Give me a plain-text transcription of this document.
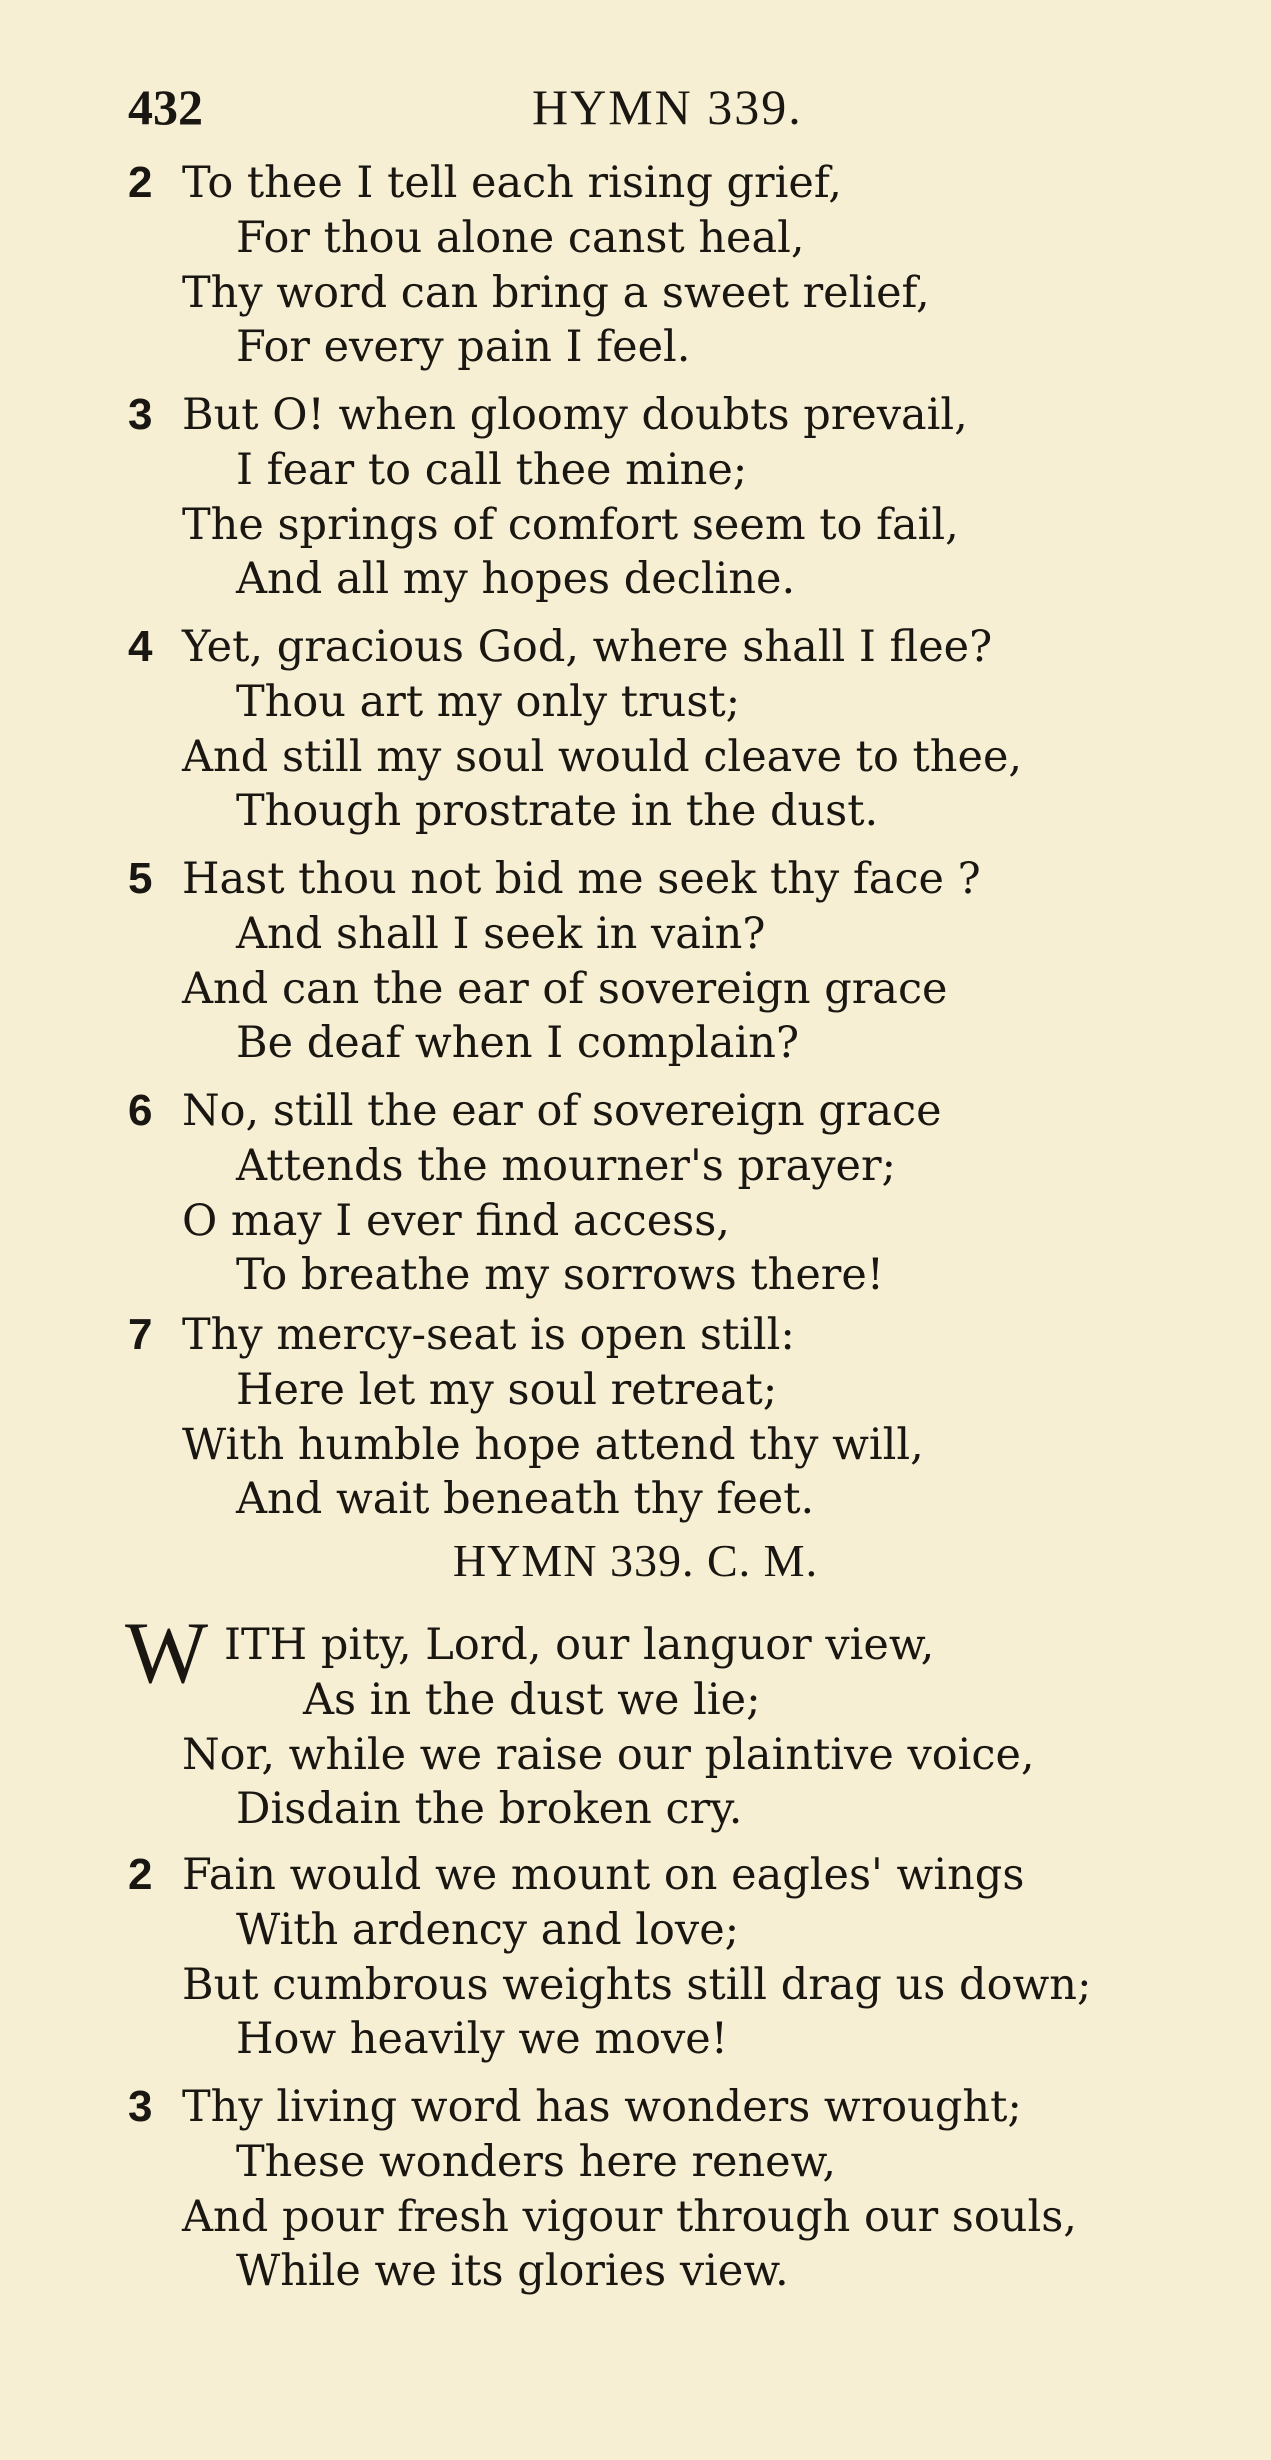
432	HYMN 339.
2 To thee I tell each rising grief,
For thou alone canst heal,
Thy word can bring a sweet relief,
For every pain I feel.
3 But O! when gloomy doubts prevail,
I fear to call thee mine;
The springs of comfort seem to fail,
And all my hopes decline.
4 Yet, gracious God, where shall I flee?
Thou art my only trust;
And still my soul would cleave to thee,
Though prostrate in the dust.
5 Hast thou not bid me seek thy face ?
And shall I seek in vain?
And can the ear of sovereign grace
Be deaf when I complain?
6 No, still the ear of sovereign grace
Attends the mourner's prayer;
O may I ever find access,
To breathe my sorrows there!
7 Thy mercy-seat is open still:
Here let my soul retreat;
With humble hope attend thy will,
And wait beneath thy feet.
HYMN 339. C. M.
W ITH pity, Lord, our languor view,
As in the dust we lie;
Nor, while we raise our plaintive voice,
Disdain the broken cry.
2 Fain would we mount on eagles' wings
With ardency and love;
But cumbrous weights still drag us down;
How heavily we move!
3 Thy living word has wonders wrought;
These wonders here renew,
And pour fresh vigour through our souls,
While we its glories view.
